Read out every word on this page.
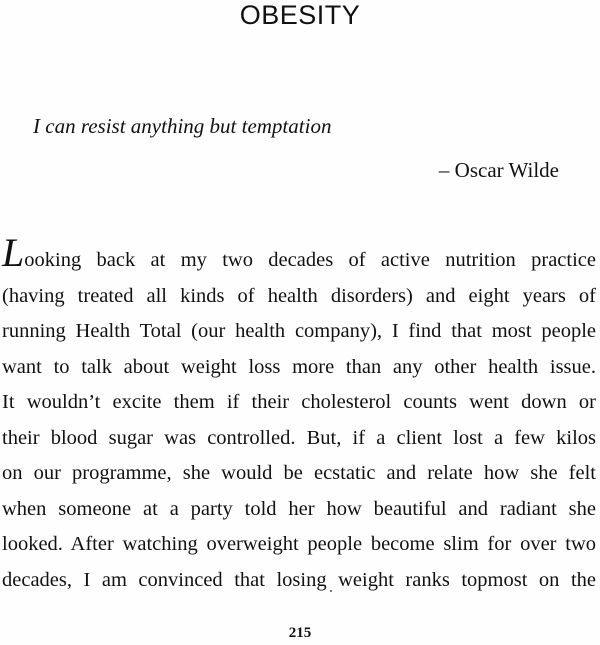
OBESITY

I can resist anything but temptation

– Oscar Wilde

Looking back at my two decades of active nutrition practice
(having treated all kinds of health disorders) and eight years of
running Health Total (our health company), I find that most people
want to talk about weight loss more than any other health issue.
It wouldn’t excite them if their cholesterol counts went down or
their blood sugar was controlled. But, if a client lost a few kilos
on our programme, she would be ecstatic and relate how she felt
when someone at a party told her how beautiful and radiant she
looked. After watching overweight people become slim for over two
decades, I am convinced that losing weight ranks topmost on the

215
